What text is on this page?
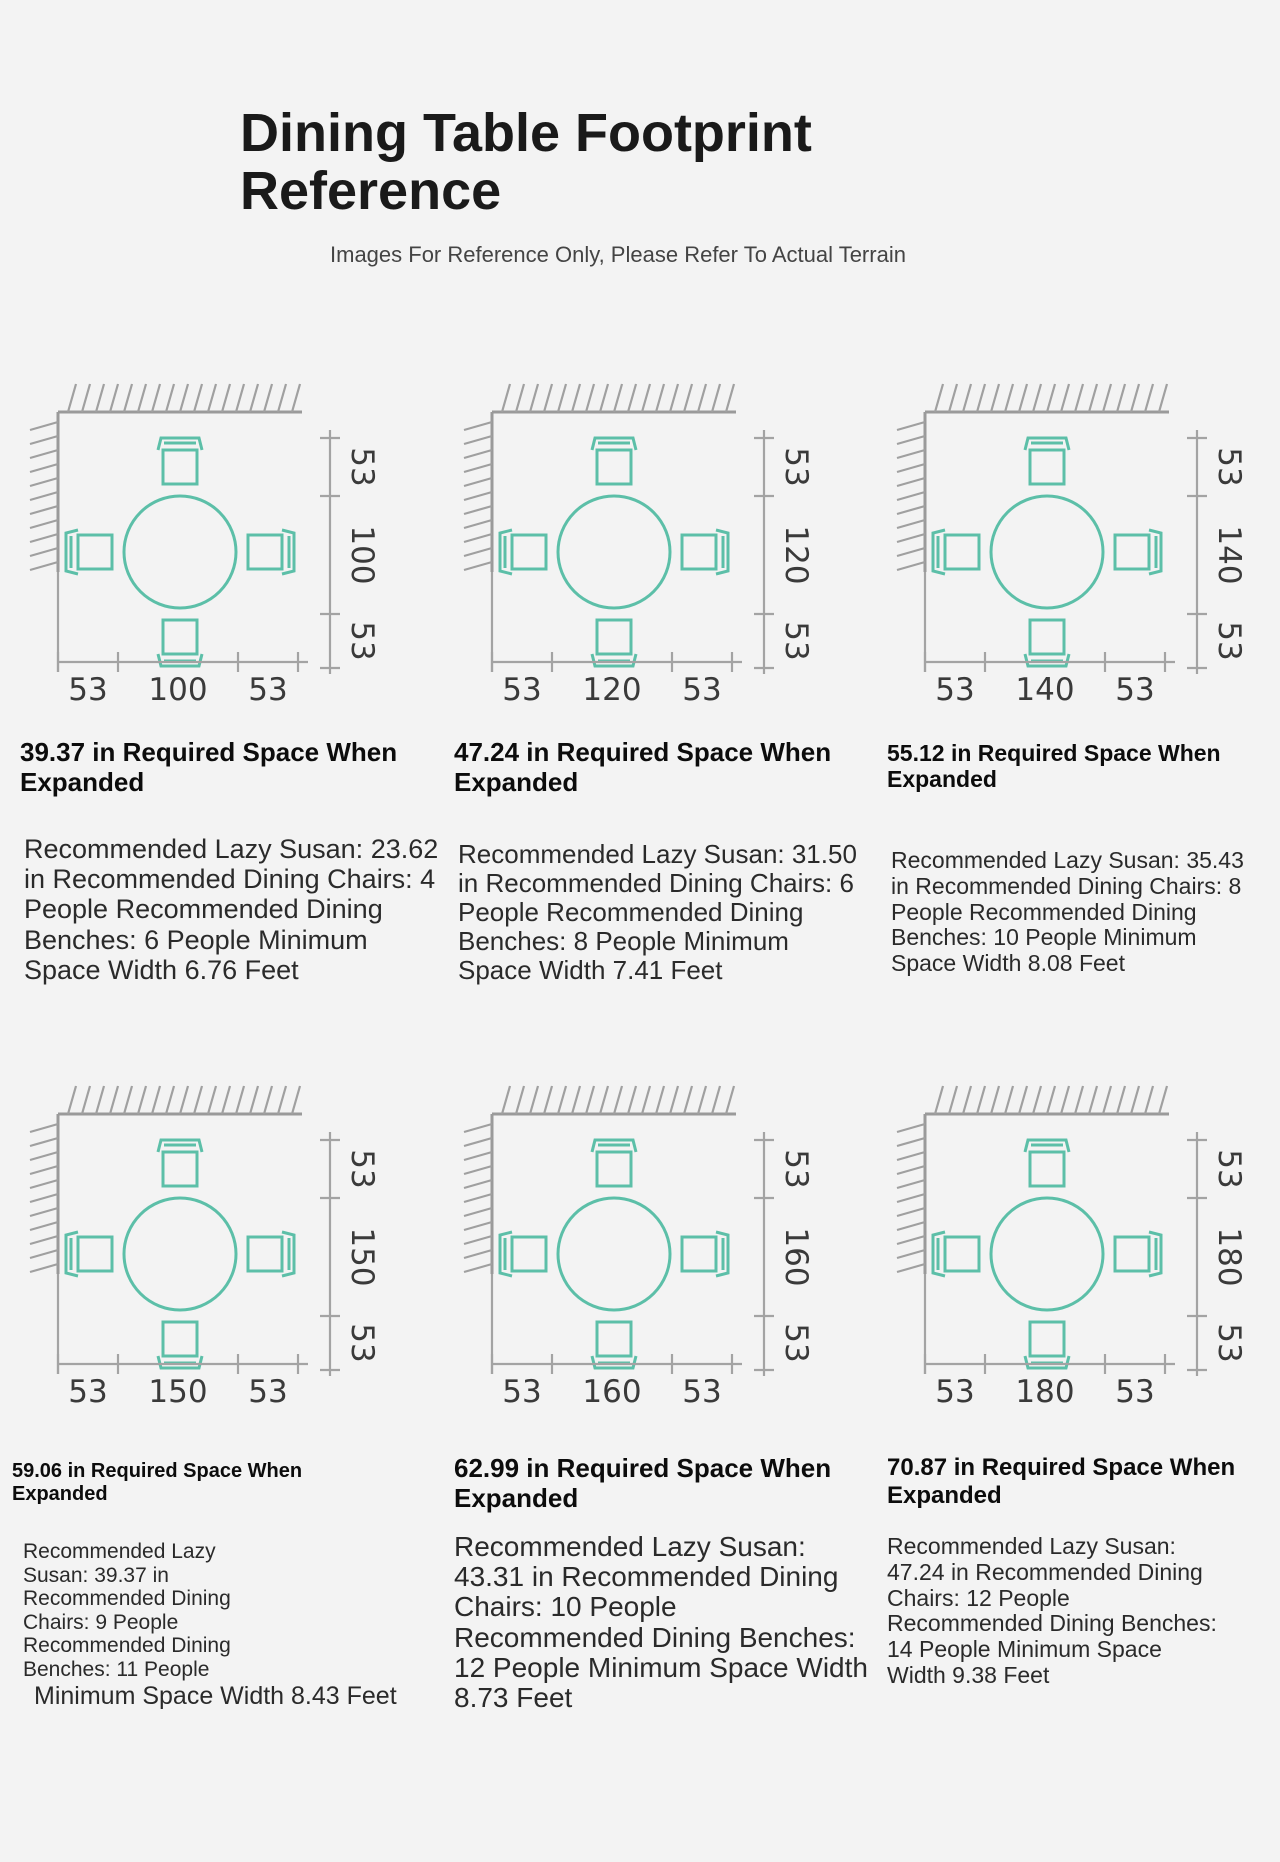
Dining Table Footprint Reference

Images For Reference Only, Please Refer To Actual Terrain

53 100 53
53
100
53
39.37 in Required Space When Expanded

Recommended Lazy Susan: 23.62 in Recommended Dining Chairs: 4 People Recommended Dining Benches: 6 People Minimum Space Width 6.76 Feet

53 120 53
53
120
53
47.24 in Required Space When Expanded

Recommended Lazy Susan: 31.50 in Recommended Dining Chairs: 6 People Recommended Dining Benches: 8 People Minimum Space Width 7.41 Feet

53 140 53
53
140
53
55.12 in Required Space When Expanded

Recommended Lazy Susan: 35.43 in Recommended Dining Chairs: 8 People Recommended Dining Benches: 10 People Minimum Space Width 8.08 Feet

53 150 53
53
150
53
59.06 in Required Space When Expanded

Recommended Lazy Susan: 39.37 in Recommended Dining Chairs: 9 People Recommended Dining Benches: 11 People

Minimum Space Width 8.43 Feet

53 160 53
53
160
53
62.99 in Required Space When Expanded

Recommended Lazy Susan: 43.31 in Recommended Dining Chairs: 10 People Recommended Dining Benches: 12 People Minimum Space Width 8.73 Feet

53 180 53
53
180
53
70.87 in Required Space When Expanded

Recommended Lazy Susan: 47.24 in Recommended Dining Chairs: 12 People Recommended Dining Benches: 14 People Minimum Space Width 9.38 Feet
